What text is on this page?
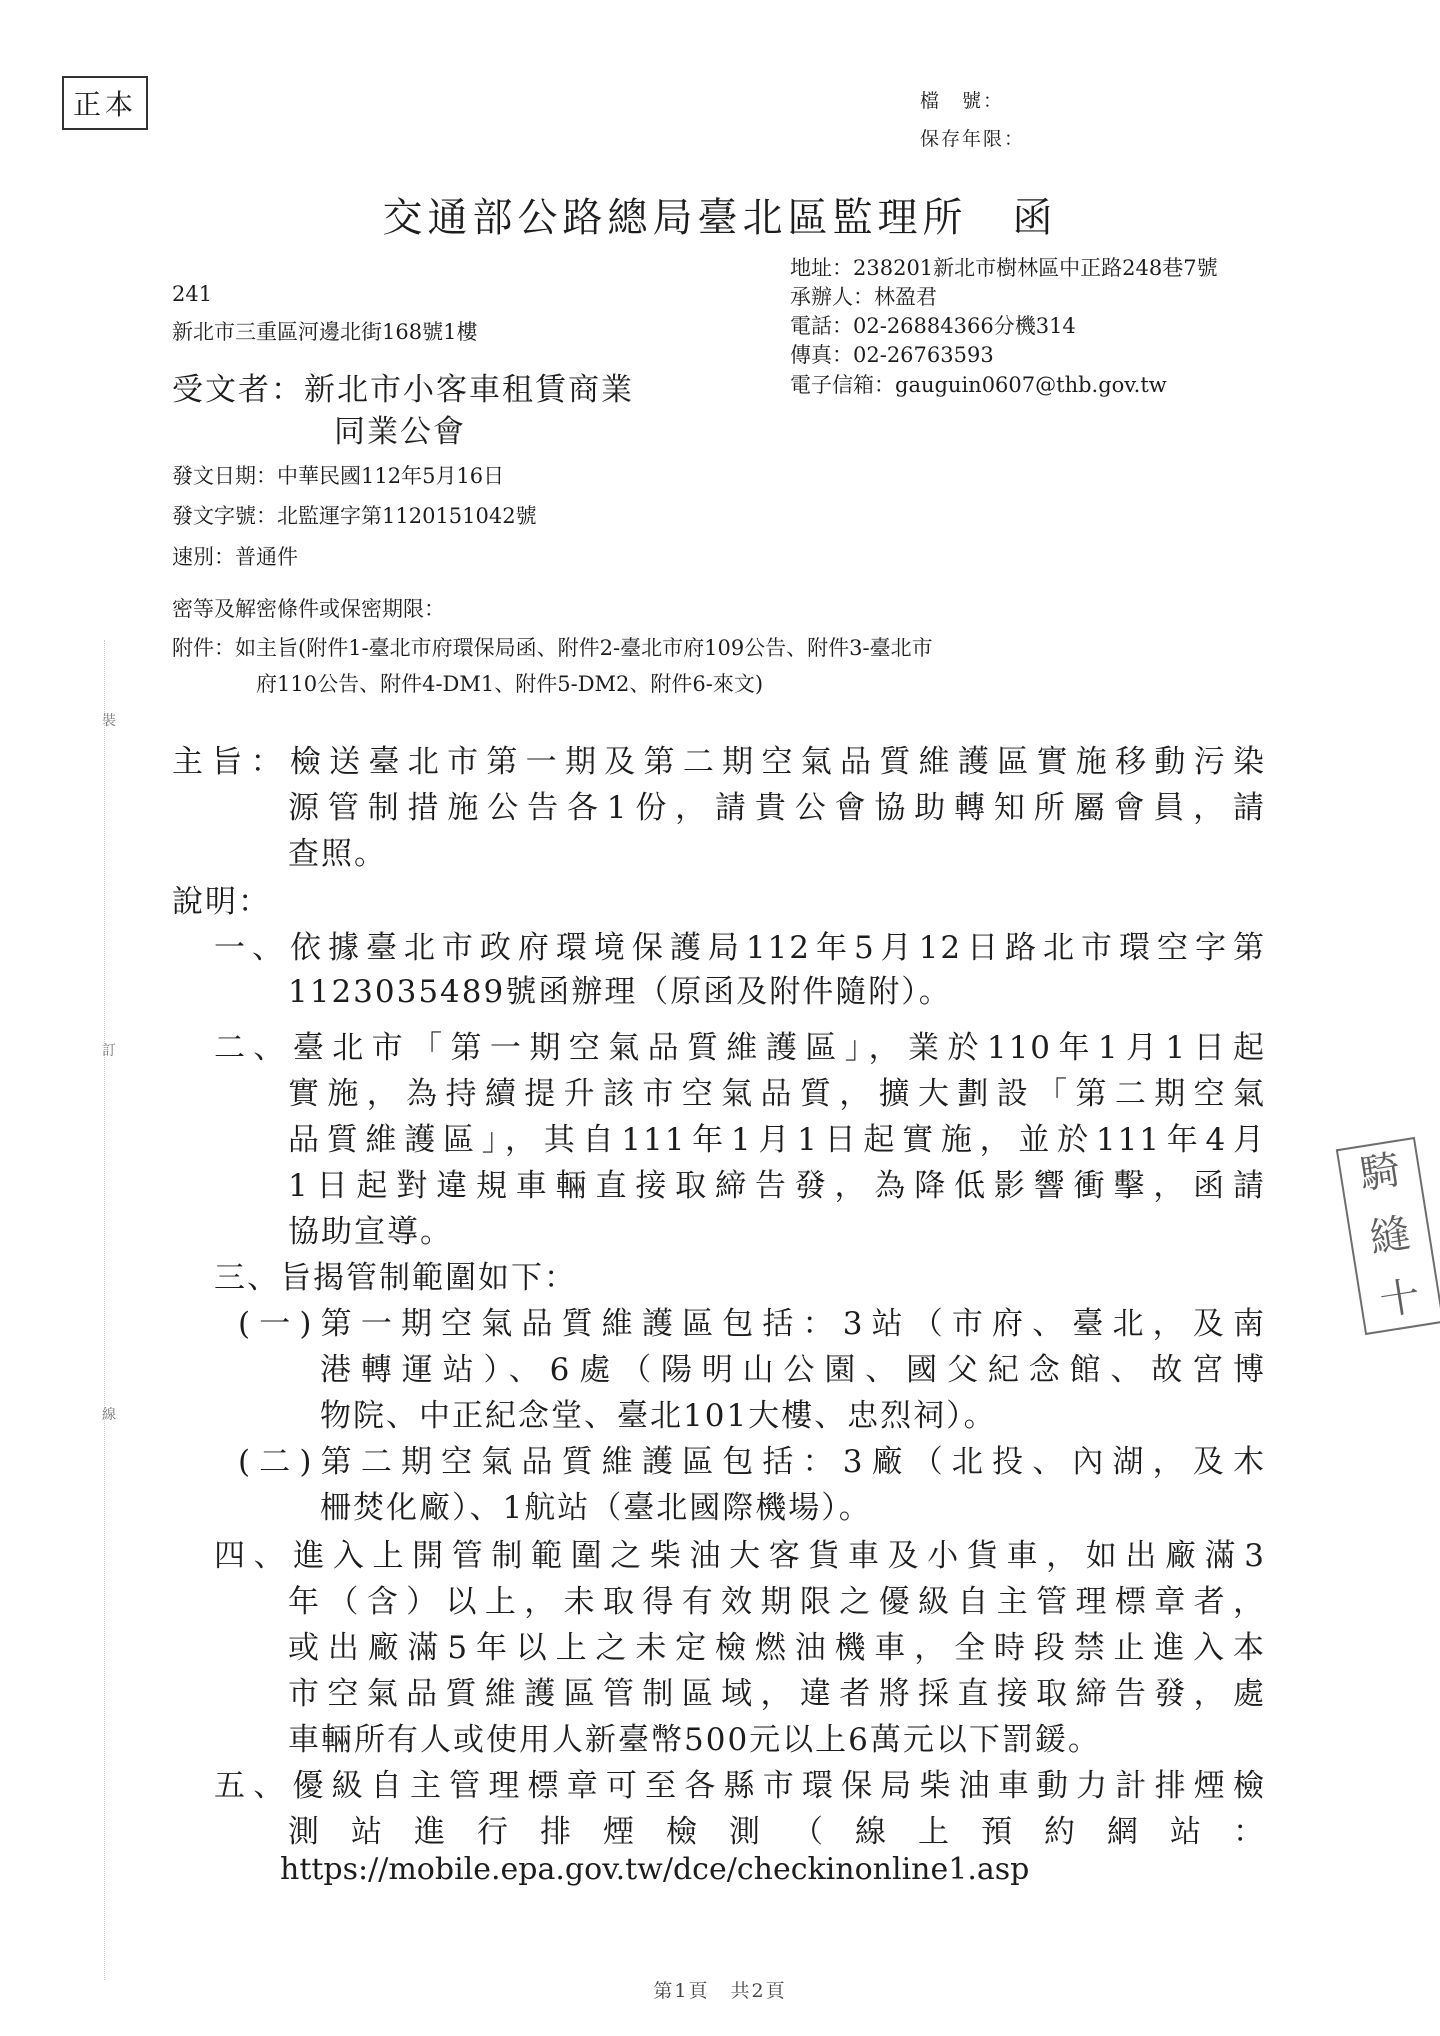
正本	檔　號：
保存年限：
交通部公路總局臺北區監理所　函
地址：238201新北市樹林區中正路248巷7號
承辦人：林盈君
電話：02-26884366分機314
傳真：02-26763593
電子信箱：gauguin0607@thb.gov.tw
241
新北市三重區河邊北街168號1樓
受文者：新北市小客車租賃商業
同業公會
發文日期：中華民國112年5月16日
發文字號：北監運字第1120151042號
速別：普通件
密等及解密條件或保密期限：
附件：如主旨(附件1-臺北市府環保局函、附件2-臺北市府109公告、附件3-臺北市
府110公告、附件4-DM1、附件5-DM2、附件6-來文)
主旨：檢送臺北市第一期及第二期空氣品質維護區實施移動污染
源管制措施公告各1份，請貴公會協助轉知所屬會員，請
查照。
說明：
一、依據臺北市政府環境保護局112年5月12日路北市環空字第
1123035489號函辦理（原函及附件隨附）。
二、臺北市「第一期空氣品質維護區」，業於110年1月1日起
實施，為持續提升該市空氣品質，擴大劃設「第二期空氣
品質維護區」，其自111年1月1日起實施，並於111年4月
1日起對違規車輛直接取締告發，為降低影響衝擊，函請
協助宣導。
三、旨揭管制範圍如下：
(一)第一期空氣品質維護區包括：3站（市府、臺北，及南
港轉運站）、6處（陽明山公園、國父紀念館、故宮博
物院、中正紀念堂、臺北101大樓、忠烈祠）。
(二)第二期空氣品質維護區包括：3廠（北投、內湖，及木
柵焚化廠）、1航站（臺北國際機場）。
四、進入上開管制範圍之柴油大客貨車及小貨車，如出廠滿3
年（含）以上，未取得有效期限之優級自主管理標章者，
或出廠滿5年以上之未定檢燃油機車，全時段禁止進入本
市空氣品質維護區管制區域，違者將採直接取締告發，處
車輛所有人或使用人新臺幣500元以上6萬元以下罰鍰。
五、優級自主管理標章可至各縣市環保局柴油車動力計排煙檢
測站進行排煙檢測（線上預約網站：
https://mobile.epa.gov.tw/dce/checkinonline1.asp
裝
訂
線
騎
縫
十
第1頁　共2頁
